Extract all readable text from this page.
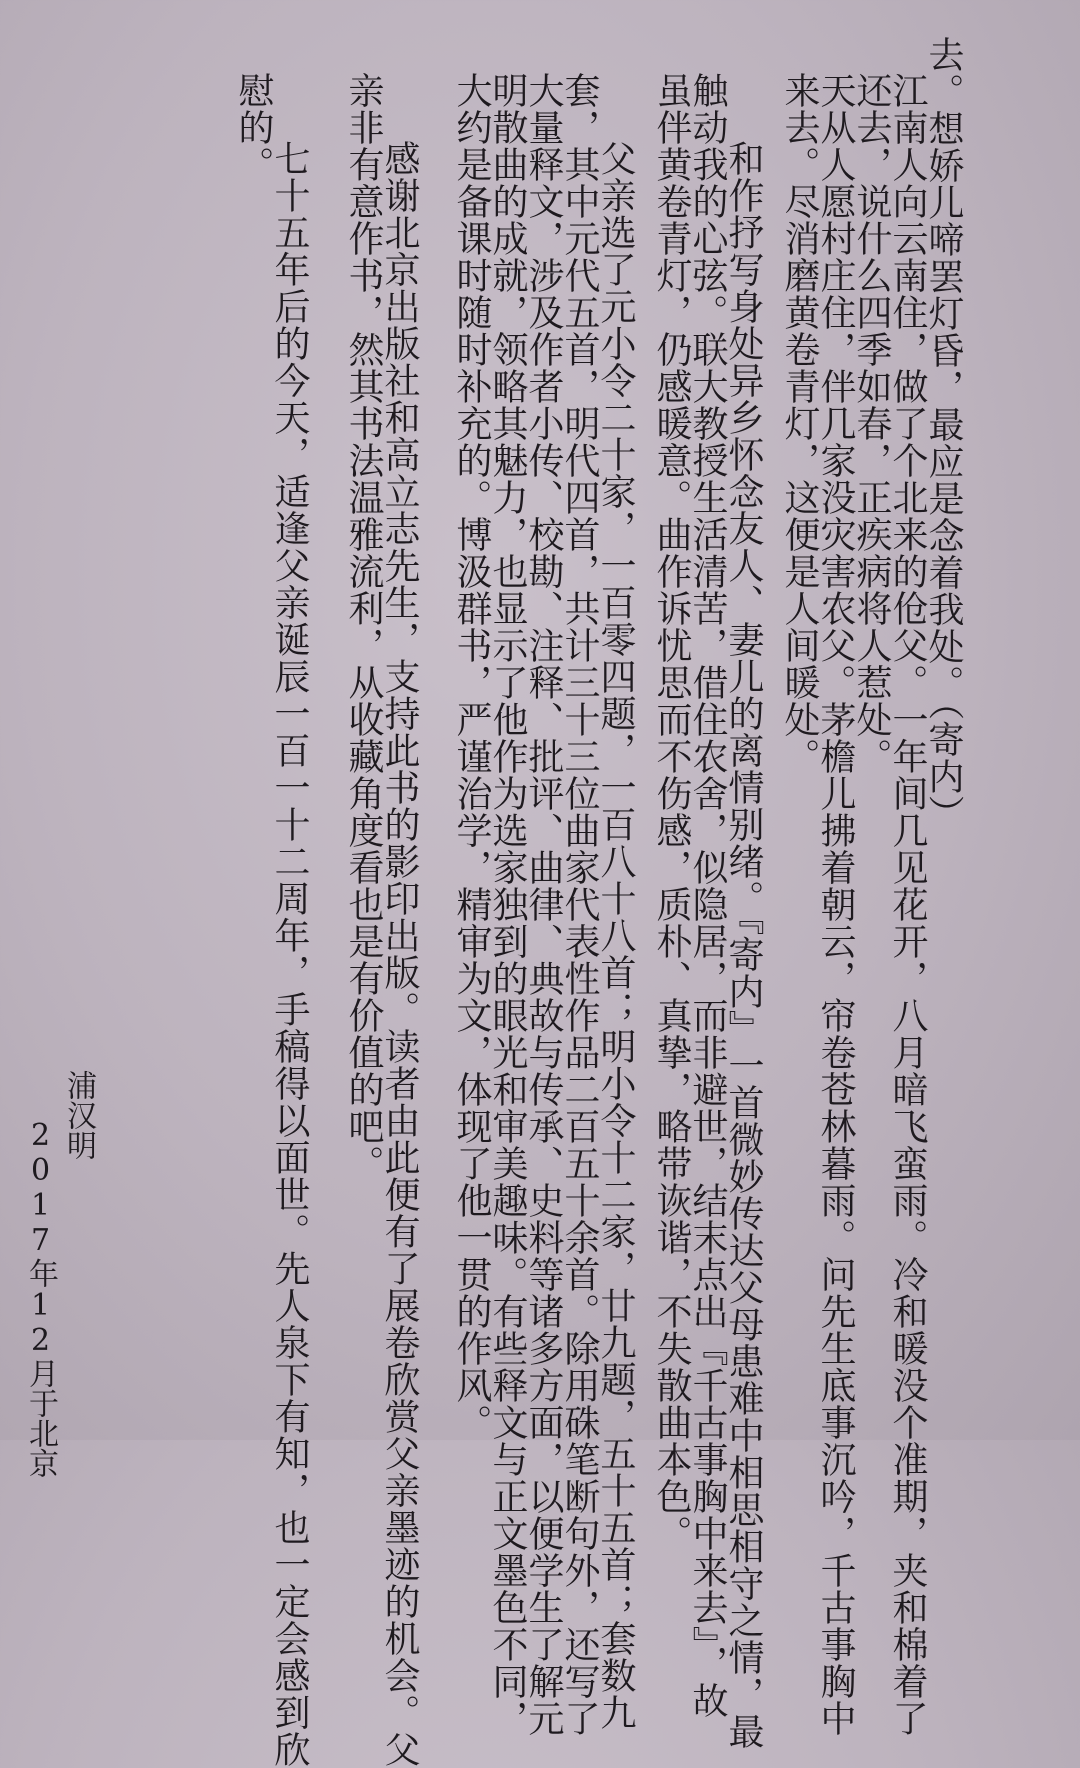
去。想娇儿啼罢灯昏，最应是念着我处。（寄内）

江南人向云南住，做了个北来的伧父。一年间几见花开，八月暗飞蛮雨。冷和暖没个准期，夹和棉着了

还去，说什么四季如春，正疾病将人惹处。

天从人愿村庄住，伴几家没灾害农父。茅檐儿拂着朝云，帘卷苍林暮雨。问先生底事沉吟，千古事胸中

来去。尽消磨黄卷青灯，这便是人间暖处。

和作抒写身处异乡怀念友人、妻儿的离情别绪。『寄内』一首微妙传达父母患难中相思相守之情，最

触动我的心弦。联大教授生活清苦，借住农舍，似隐居，而非避世，结末点出『千古事胸中来去』，故

虽伴黄卷青灯，仍感暖意。曲作诉忧思而不伤感，质朴、真挚，略带诙谐，不失散曲本色。

父亲选了元小令二十家，一百零四题，一百八十八首；明小令十二家，廿九题，五十五首；套数九

套，其中元代五首，明代四首，共计三十三位曲家代表性作品二百五十余首。除用硃笔断句外，还写了

大量释文，涉及作者小传、校勘、注释、批评、曲律、典故与传承、史料等诸多方面，以便学生了解元

明散曲的成就，领略其魅力，也显示了他作为选家独到的眼光和审美趣味。有些释文与正文墨色不同，

大约是备课时随时补充的。博汲群书，严谨治学，精审为文，体现了他一贯的作风。

感谢北京出版社和高立志先生，支持此书的影印出版。读者由此便有了展卷欣赏父亲墨迹的机会。父

亲非有意作书，然其书法温雅流利，从收藏角度看也是有价值的吧。

七十五年后的今天，适逢父亲诞辰一百一十二周年，手稿得以面世。先人泉下有知，也一定会感到欣

慰的。

浦汉明

2017年12月于北京
